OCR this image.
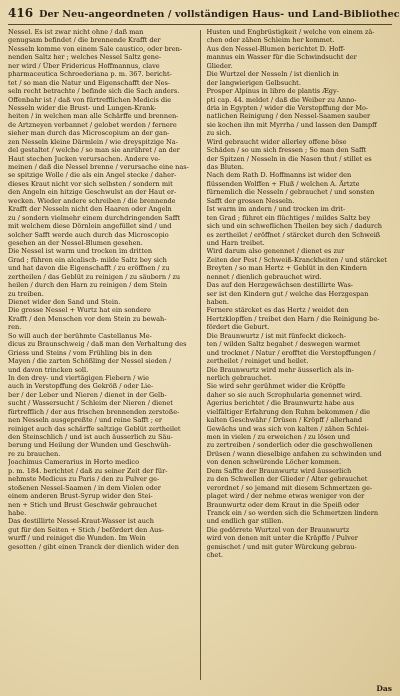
416 Der Neu-angeordneten / vollständigen Haus- und Land-Bibliothec
Nessel. Es ist zwar nicht ohne / daß man
genugsam befindet / die brennende Krafft der
Nesseln komme von einem Sale caustico, oder bren-
nenden Saltz her ; welches Nessel Saltz gene-
ner wird / Über Fridericus Hoffmannus, clave
pharmaceutica Schroederiana p. m. 367. bericht-
tet / so man die Natur und Eigenschafft der Nes-
seln recht betrachte / befinde sich die Sach anders.
Offenbahr ist / daß von fürtrefflichen Medicis die
Nesseln wider die Brust- und Lungen-Krank-
heiten / in welchen man alle Schärffe und brennen-
de Artzneyen verbannet / gelobet werden / fernere
sieher man durch das Microscopium an der gan-
zen Nesseln kleine Därmlein / wie dreyspitzige Na-
del gestaltet / welche / so man sie anrühret / an der
Haut stechen Jucken verursachen. Andere ve-
meinen / daß die Nessel brenne / verursache eine nas-
se spitzige Wolle / die als ein Angel stecke / daher-
dieses Kraut nicht vor sich selbsten / sondern mit
den Angeln ein hitzige Geschwulst an der Haut er-
wecken. Wieder andere schreiben / die brennende
Krafft der Nesseln nicht den Haaren oder Angeln
zu / sondern vielmehr einem durchdringenden Safft
mit welchem diese Dörnlein angefüllet sind / und
solcher Safft werde auch durch das Microscopio
gesehen an der Nessel-Blumen gesehen.
Die Nessel ist warm und trocken im dritten
Grad ; führen ein alcalisch- milde Saltz bey sich
und hat davon die Eigenschafft / zu eröffnen / zu
zertheilen / das Geblüt zu reinigen / zu säubern / zu
heilen / durch den Harn zu reinigen / dem Stein
zu treiben.
Dienet wider den Sand und Stein.
Die grosse Nessel + Wurtz hat ein sondere
Krafft / den Menschen vor dem Stein zu bewah-
ren.
So will auch der berühmte Castellanus Me-
dicus zu Braunschweig / daß man den Verhaltung des
Griess und Steins / vom Frühling bis in den
Mayen / die zarten Schößling der Nessel sieden /
und davon trincken soll.
In den drey- und viertägigen Fiebern / wie
auch in Verstopffung des Gekröß / oder Lie-
ber / der Leber und Nieren / dienet in der Gelb-
sucht / Wassersucht / Schleim der Nieren / dienet
fürtrefflich / der aus frischen brennenden zerstoße-
nen Nesseln ausgepreßte / und reine Safft ; er
reiniget auch das schärffe saltzige Geblüt zertheilet
den Steinschlich / und ist auch äusserlich zu Säu-
berung und Heilung der Wunden und Geschwüh-
re zu brauchen.
Joachimus Camerarius in Horto medico
p. m. 184. berichtet / daß zu seiner Zeit der für-
nehmste Medicus zu Paris / den zu Pulver ge-
stoßenen Nessel-Saamen / in dem Violen oder
einem anderen Brust-Syrup wider den Stei-
nen + Stich und Brust Geschwär gebrauchet
habe.
Das destillirte Nessel-Kraut-Wasser ist auch
gut für den Seiten + Stich / befördert den Aus-
wurff / und reiniget die Wunden. Im Wein
gesotten / gibt einen Tranck der dienlich wider den
Husten und Engbrüstigkeit / welche von einem zä-
chen oder zähen Schleim her kommet.
Aus den Nessel-Blumen berichtet D. Hoff-
mannus ein Wasser für die Schwindsucht der
Glieder.
Die Wurtzel der Nesseln / ist dienlich in
der langwierigen Gelbsucht.
Prosper Alpinus in libro de plantis Ægy-
pti cap. 44. meldet / daß die Weiber zu Anno-
dria in Egypten / wider die Verstopffung der Mo-
natlichen Reinigung / den Nessel-Saamen sauber
sie kochen ihn mit Myrrha / und lassen den Dampff
zu sich.
Wird gebraucht wider allerley offene böse
Schäden / so um sich fressen ; So man den Safft
der Spitzen / Nesseln in die Nasen thut / stillet es
das Bluten.
Nach dem Rath D. Hoffmanns ist wider den
flüssenden Wolffen + Fluß / welchen A. Ärtzte
fürnemlich die Nesseln / gebrauchet / und sonsten
Safft der grossen Nesseln.
Ist warm im andern / und trocken im drit-
ten Grad ; führet ein flüchtiges / mildes Saltz bey
sich und ein schweflichen Theilen bey sich / dadurch
es zertheilet / eröffnet / stärcket durch den Schweiß
und Harn treibet.
Wird darum also genennet / dienet es zur
Zeiten der Pest / Schweiß-Kranckheiten / und stärcket
Breyten / so man Hertz + Geblüt in den Kindern
nennet / dienlich gebrauchet wird.
Das auf den Herzgewächsen destillirte Was-
ser ist den Kindern gut / welche das Herzgespan
haben.
Fernere stärcket es das Hertz / weidet den
Hertzklopffen / treibet den Harn / die Reinigung be-
fördert die Geburt.
Die Braunwurtz / ist mit fünfeckt dickech-
ten / wilden Saltz begabet / deswegen warmet
und trocknet / Natur / erofftet die Verstopffungen /
zertheilet / reiniget und heilet.
Die Braunwurtz wird mehr äusserlich als in-
nerlich gebrauchet.
Sie wird sehr gerühmet wider die Kröpffe
daher so sie auch Scrophularia genennet wird.
Agerius berichtet / die Braunwurtz habe aus
vielfältiger Erfahrung den Ruhm bekommen / die
kalten Geschwähr / Drüsen / Kröpff / allerhand
Gewächs und was sich von kalten / zähen Schlei-
men in vielen / zu erweichen / zu lösen und
zu zertreiben / sonderlich oder die geschwollenen
Drüsen / wann dieselbige anfahen zu schwinden und
von denen schwürende Löcher kommen.
Dem Saffte der Braunwurtz wird äusserlich
zu den Schwellen der Glieder / Alter gebrauchet
verordnet / so jemand mit diesem Schmertzen ge-
plaget wird / der nehme etwas weniger von der
Braunwurtz oder dem Kraut in die Speiß oder
Tranck ein / so werden sich die Schmertzen lindern
und endlich gar stillen.
Die gedörrete Wurtzel von der Braunwurtz
wird von denen mit unter die Kräpffe / Pulver
gemischet / und mit guter Würckung gebrau-
chet.
Das
